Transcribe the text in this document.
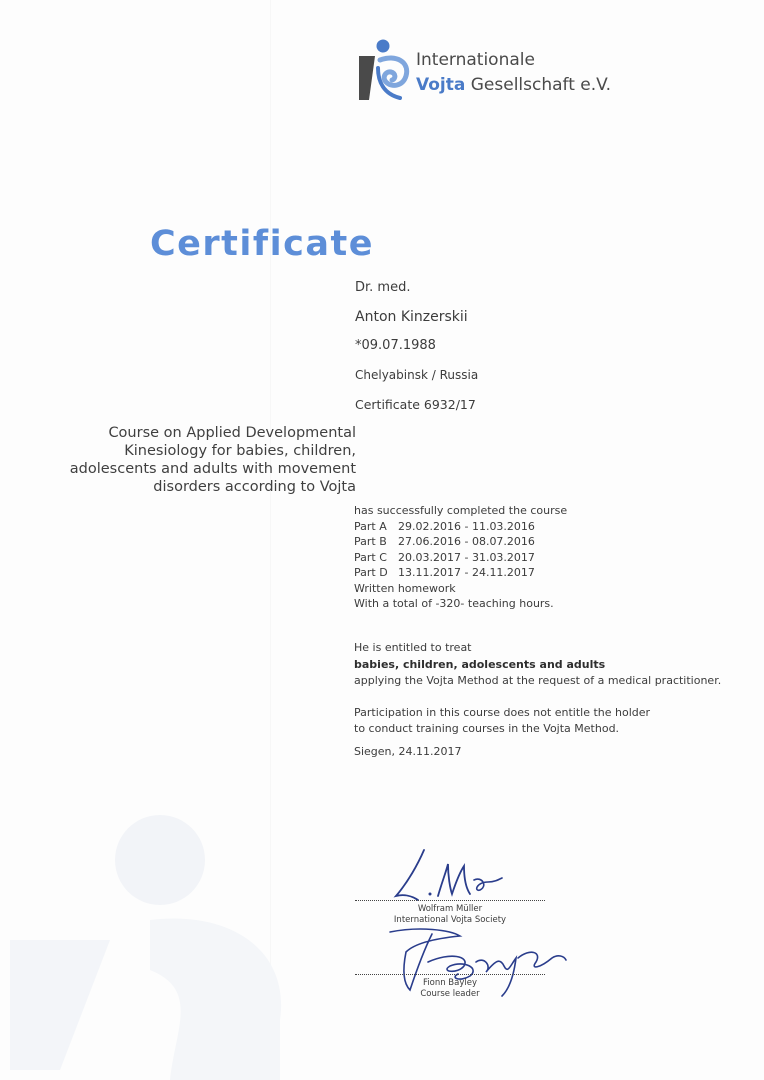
Internationale
Vojta Gesellschaft e.V.
Certificate
Dr. med.
Anton Kinzerskii
*09.07.1988
Chelyabinsk / Russia
Certificate 6932/17
Course on Applied Developmental
Kinesiology for babies, children,
adolescents and adults with movement
disorders according to Vojta
has successfully completed the course
Part A 29.02.2016 - 11.03.2016
Part B 27.06.2016 - 08.07.2016
Part C 20.03.2017 - 31.03.2017
Part D 13.11.2017 - 24.11.2017
Written homework
With a total of -320- teaching hours.
He is entitled to treat
babies, children, adolescents and adults
applying the Vojta Method at the request of a medical practitioner.
Participation in this course does not entitle the holder
to conduct training courses in the Vojta Method.
Siegen, 24.11.2017
Wolfram Müller
International Vojta Society
Fionn Bayley
Course leader
